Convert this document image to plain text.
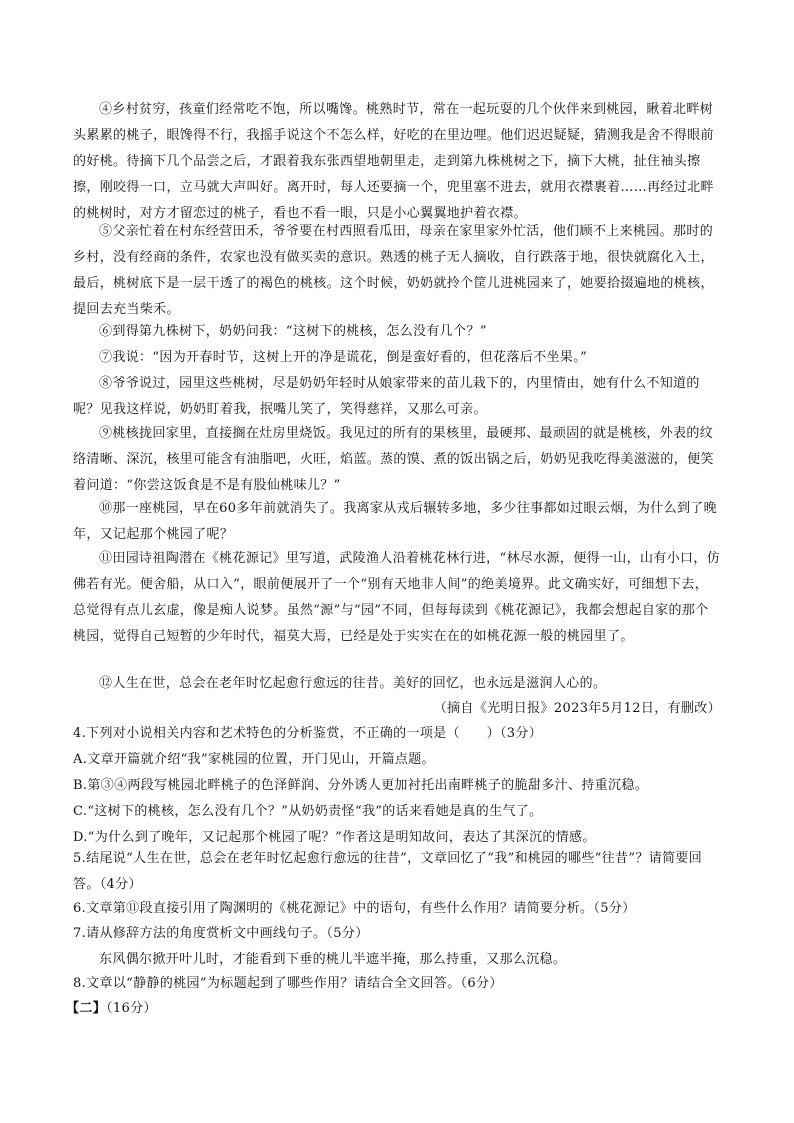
④乡村贫穷，孩童们经常吃不饱，所以嘴馋。桃熟时节，常在一起玩耍的几个伙伴来到桃园，瞅着北畔树头累累的桃子，眼馋得不行，我摇手说这个不怎么样，好吃的在里边哩。他们迟迟疑疑，猜测我是舍不得眼前的好桃。待摘下几个品尝之后，才跟着我东张西望地朝里走，走到第九株桃树之下，摘下大桃，扯住袖头擦擦，刚咬得一口，立马就大声叫好。离开时，每人还要摘一个，兜里塞不进去，就用衣襟裹着……再经过北畔的桃树时，对方才留恋过的桃子，看也不看一眼，只是小心翼翼地护着衣襟。

⑤父亲忙着在村东经营田禾，爷爷要在村西照看瓜田，母亲在家里家外忙活，他们顾不上来桃园。那时的乡村，没有经商的条件，农家也没有做买卖的意识。熟透的桃子无人摘收，自行跌落于地，很快就腐化入土，最后，桃树底下是一层干透了的褐色的桃核。这个时候，奶奶就拎个筐儿进桃园来了，她要拾掇遍地的桃核，提回去充当柴禾。

⑥到得第九株树下，奶奶问我：“这树下的桃核，怎么没有几个？”

⑦我说：“因为开春时节，这树上开的净是谎花，倒是蛮好看的，但花落后不坐果。”

⑧爷爷说过，园里这些桃树，尽是奶奶年轻时从娘家带来的苗儿栽下的，内里情由，她有什么不知道的呢？见我这样说，奶奶盯着我，抿嘴儿笑了，笑得慈祥，又那么可亲。

⑨桃核拢回家里，直接搁在灶房里烧饭。我见过的所有的果核里，最硬邦、最顽固的就是桃核，外表的纹络清晰、深沉，核里可能含有油脂吧，火旺，焰蓝。蒸的馍、煮的饭出锅之后，奶奶见我吃得美滋滋的，便笑着问道：“你尝这饭食是不是有股仙桃味儿？”

⑩那一座桃园，早在60多年前就消失了。我离家从戎后辗转多地，多少往事都如过眼云烟，为什么到了晚年，又记起那个桃园了呢？

⑪田园诗祖陶潜在《桃花源记》里写道，武陵渔人沿着桃花林行进，“林尽水源，便得一山，山有小口，仿佛若有光。便舍船，从口入”，眼前便展开了一个“别有天地非人间”的绝美境界。此文确实好，可细想下去，总觉得有点儿玄虚，像是痴人说梦。虽然“源”与“园”不同，但每每读到《桃花源记》，我都会想起自家的那个桃园，觉得自己短暂的少年时代，福莫大焉，已经是处于实实在在的如桃花源一般的桃园里了。

⑫人生在世，总会在老年时忆起愈行愈远的往昔。美好的回忆，也永远是滋润人心的。

（摘自《光明日报》2023年5月12日，有删改）
4.下列对小说相关内容和艺术特色的分析鉴赏，不正确的一项是（　　）（3分）
A.文章开篇就介绍“我”家桃园的位置，开门见山，开篇点题。
B.第③④两段写桃园北畔桃子的色泽鲜润、分外诱人更加衬托出南畔桃子的脆甜多汁、持重沉稳。
C.“这树下的桃核，怎么没有几个？”从奶奶责怪“我”的话来看她是真的生气了。
D.“为什么到了晚年，又记起那个桃园了呢？”作者这是明知故问，表达了其深沉的情感。
5.结尾说“人生在世，总会在老年时忆起愈行愈远的往昔”，文章回忆了“我”和桃园的哪些“往昔”？请简要回答。（4分）
6.文章第⑪段直接引用了陶渊明的《桃花源记》中的语句，有些什么作用？请简要分析。（5分）
7.请从修辞方法的角度赏析文中画线句子。（5分）
东风偶尔掀开叶儿时，才能看到下垂的桃儿半遮半掩，那么持重，又那么沉稳。
8.文章以“静静的桃园”为标题起到了哪些作用？请结合全文回答。（6分）
【二】（16分）
